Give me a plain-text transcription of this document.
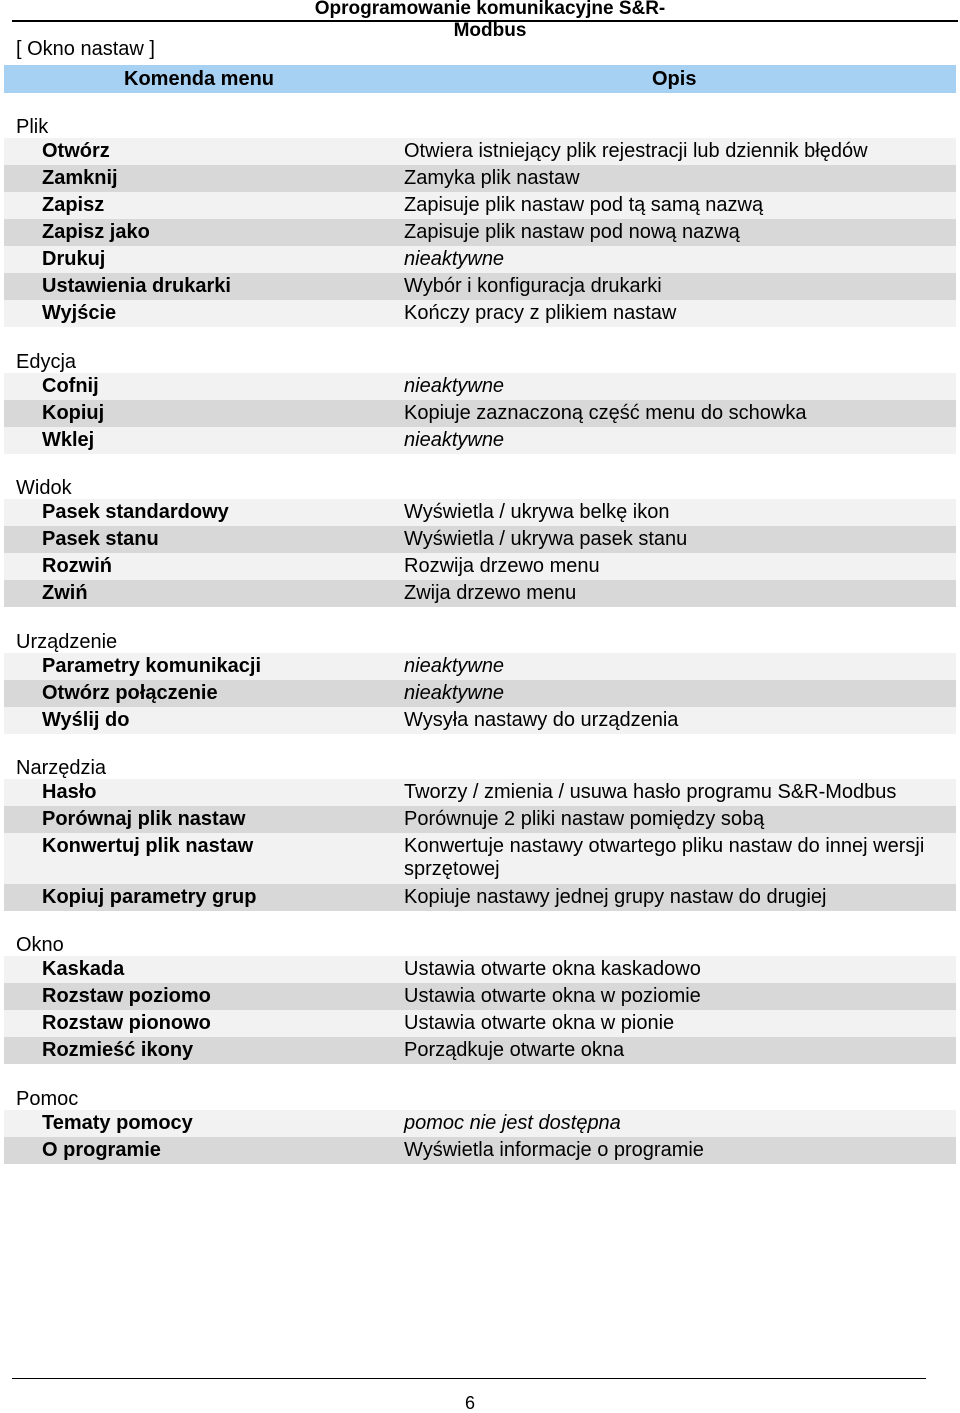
Oprogramowanie komunikacyjne S&R-Modbus
[ Okno nastaw ]
Komenda menu	Opis
Plik
Otwórz	Otwiera istniejący plik rejestracji lub dziennik błędów
Zamknij	Zamyka plik nastaw
Zapisz	Zapisuje plik nastaw pod tą samą nazwą
Zapisz jako	Zapisuje plik nastaw pod nową nazwą
Drukuj	nieaktywne
Ustawienia drukarki	Wybór i konfiguracja drukarki
Wyjście	Kończy pracy z plikiem nastaw
Edycja
Cofnij	nieaktywne
Kopiuj	Kopiuje zaznaczoną część menu do schowka
Wklej	nieaktywne
Widok
Pasek standardowy	Wyświetla / ukrywa belkę ikon
Pasek stanu	Wyświetla / ukrywa pasek stanu
Rozwiń	Rozwija drzewo menu
Zwiń	Zwija drzewo menu
Urządzenie
Parametry komunikacji	nieaktywne
Otwórz połączenie	nieaktywne
Wyślij do	Wysyła nastawy do urządzenia
Narzędzia
Hasło	Tworzy / zmienia / usuwa hasło programu S&R-Modbus
Porównaj plik nastaw	Porównuje 2 pliki nastaw pomiędzy sobą
Konwertuj plik nastaw	Konwertuje nastawy otwartego pliku nastaw do innej wersji sprzętowej
Kopiuj parametry grup	Kopiuje nastawy jednej grupy nastaw do drugiej
Okno
Kaskada	Ustawia otwarte okna kaskadowo
Rozstaw poziomo	Ustawia otwarte okna w poziomie
Rozstaw pionowo	Ustawia otwarte okna w pionie
Rozmieść ikony	Porządkuje otwarte okna
Pomoc
Tematy pomocy	pomoc nie jest dostępna
O programie	Wyświetla informacje o programie
6
